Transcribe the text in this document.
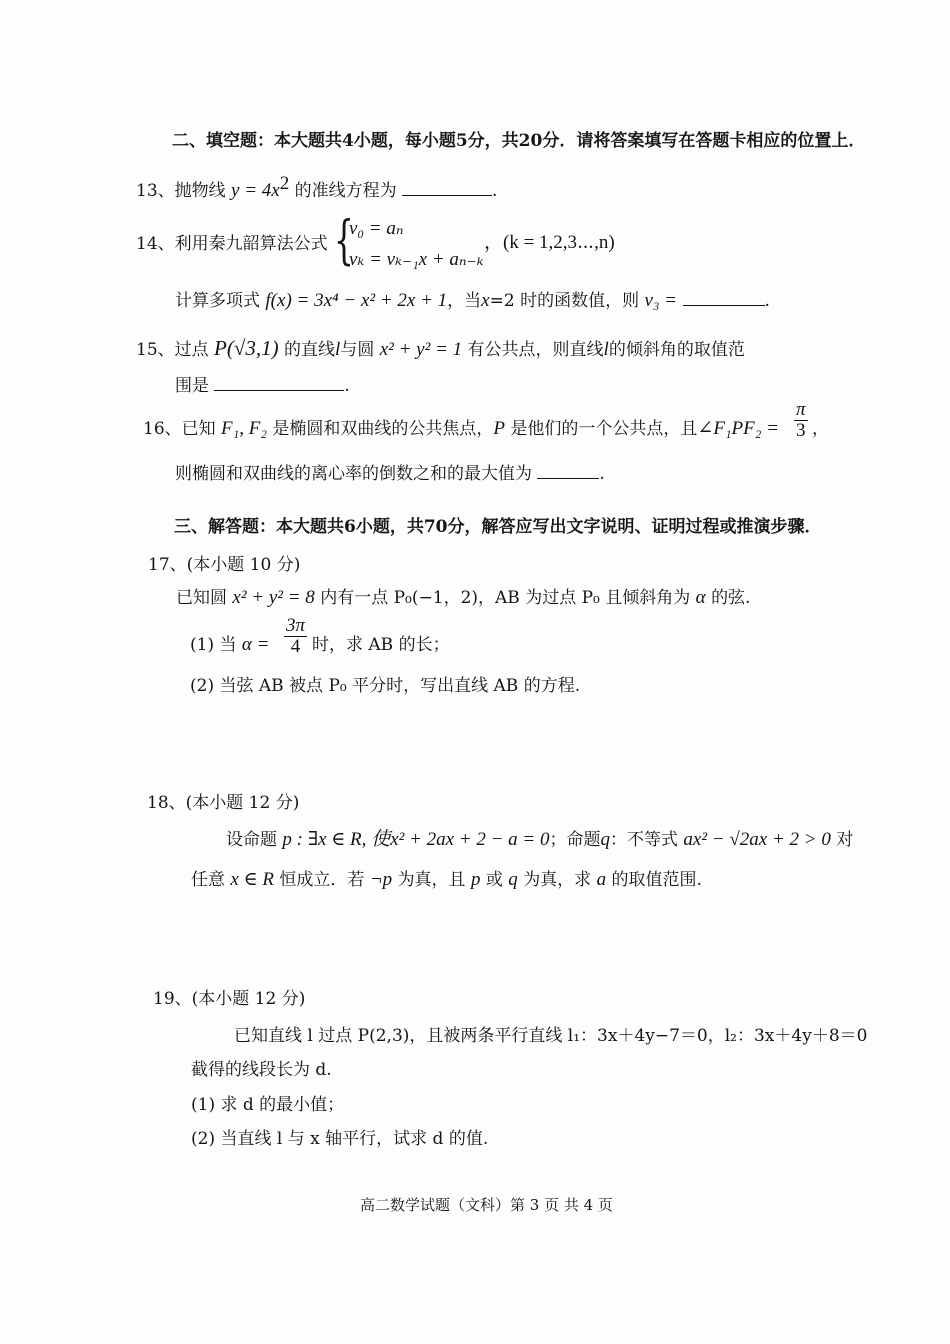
二、填空题：本大题共4小题，每小题5分，共20分．请将答案填写在答题卡相应的位置上．
13、抛物线 $y = 4x^2$ 的准线方程为	.
14、利用秦九韶算法公式 {
v₀ = aₙ
vₖ = vₖ₋₁x + aₙ₋ₖ
，(k = 1,2,3⋯,n)
计算多项式 f(x) = 3x⁴ − x² + 2x + 1，当x=2 时的函数值，则 v₃ =	.
15、过点 P(√3,1) 的直线l与圆 x² + y² = 1 有公共点，则直线l的倾斜角的取值范
围是	.
16、已知 F₁, F₂ 是椭圆和双曲线的公共焦点，P 是他们的一个公共点，且∠F₁PF₂ = $\frac{\pi}{3}$ ，
则椭圆和双曲线的离心率的倒数之和的最大值为	.
三、解答题：本大题共6小题，共70分，解答应写出文字说明、证明过程或推演步骤．
17、(本小题 10 分)
已知圆 x² + y² = 8 内有一点 P₀(−1，2)，AB 为过点 P₀ 且倾斜角为 α 的弦.
(1) 当 $\alpha = \frac{3\pi}{4}$ 时，求 AB 的长；
(2) 当弦 AB 被点 P₀ 平分时，写出直线 AB 的方程.
18、(本小题 12 分)
设命题 p : ∃x ∈ R, 使x² + 2ax + 2 − a = 0；命题q：不等式 ax² − √2ax + 2 > 0 对
任意 x ∈ R 恒成立．若 ¬p 为真，且 p 或 q 为真，求 a 的取值范围.
19、(本小题 12 分)
已知直线 l 过点 P(2,3)，且被两条平行直线 l₁：3x＋4y−7＝0，l₂：3x＋4y＋8＝0
截得的线段长为 d.
(1) 求 d 的最小值；
(2) 当直线 l 与 x 轴平行，试求 d 的值.
高二数学试题（文科）第 3 页 共 4 页
